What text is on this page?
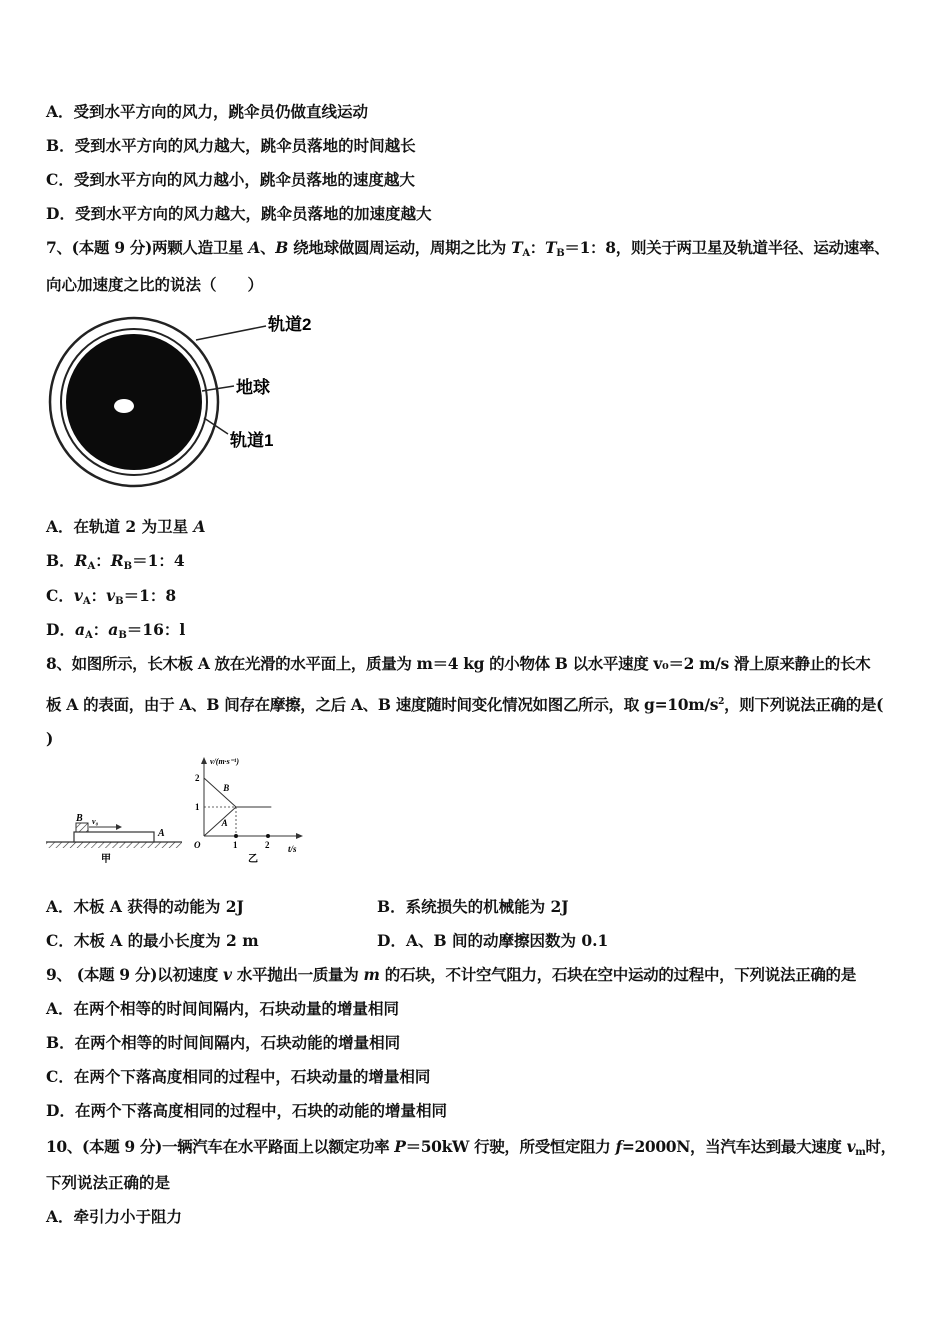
A．受到水平方向的风力，跳伞员仍做直线运动
B．受到水平方向的风力越大，跳伞员落地的时间越长
C．受到水平方向的风力越小，跳伞员落地的速度越大
D．受到水平方向的风力越大，跳伞员落地的加速度越大
7、(本题 9 分)两颗人造卫星 A、B 绕地球做圆周运动，周期之比为 $T_A$：$T_B=1$：8，则关于两卫星及轨道半径、运动速率、
向心加速度之比的说法（　　）
轨道2
地球
轨道1
A．在轨道 2 为卫星 A
B．$R_A$：$R_B=1$：4
C．$v_A$：$v_B=1$：8
D．$a_A$：$a_B=16$：l
8、如图所示，长木板 A 放在光滑的水平面上，质量为 m＝4 kg 的小物体 B 以水平速度 v₀＝2 m/s 滑上原来静止的长木
板 A 的表面，由于 A、B 间存在摩擦，之后 A、B 速度随时间变化情况如图乙所示，取 $g=10m/s^2$，则下列说法正确的是(
)
B v₀
A
甲
v/(m·s⁻¹)
t/s
O
乙
B
A
1
2
1	2
A．木板 A 获得的动能为 2J	B．系统损失的机械能为 2J
C．木板 A 的最小长度为 2 m	D．A、B 间的动摩擦因数为 0.1
9、 (本题 9 分)以初速度 v 水平抛出一质量为 m 的石块，不计空气阻力，石块在空中运动的过程中，下列说法正确的是
A．在两个相等的时间间隔内，石块动量的增量相同
B．在两个相等的时间间隔内，石块动能的增量相同
C．在两个下落高度相同的过程中，石块动量的增量相同
D．在两个下落高度相同的过程中，石块的动能的增量相同
10、(本题 9 分)一辆汽车在水平路面上以额定功率 P＝50kW 行驶，所受恒定阻力 f=2000N，当汽车达到最大速度 $v_m$时，
下列说法正确的是
A．牵引力小于阻力
